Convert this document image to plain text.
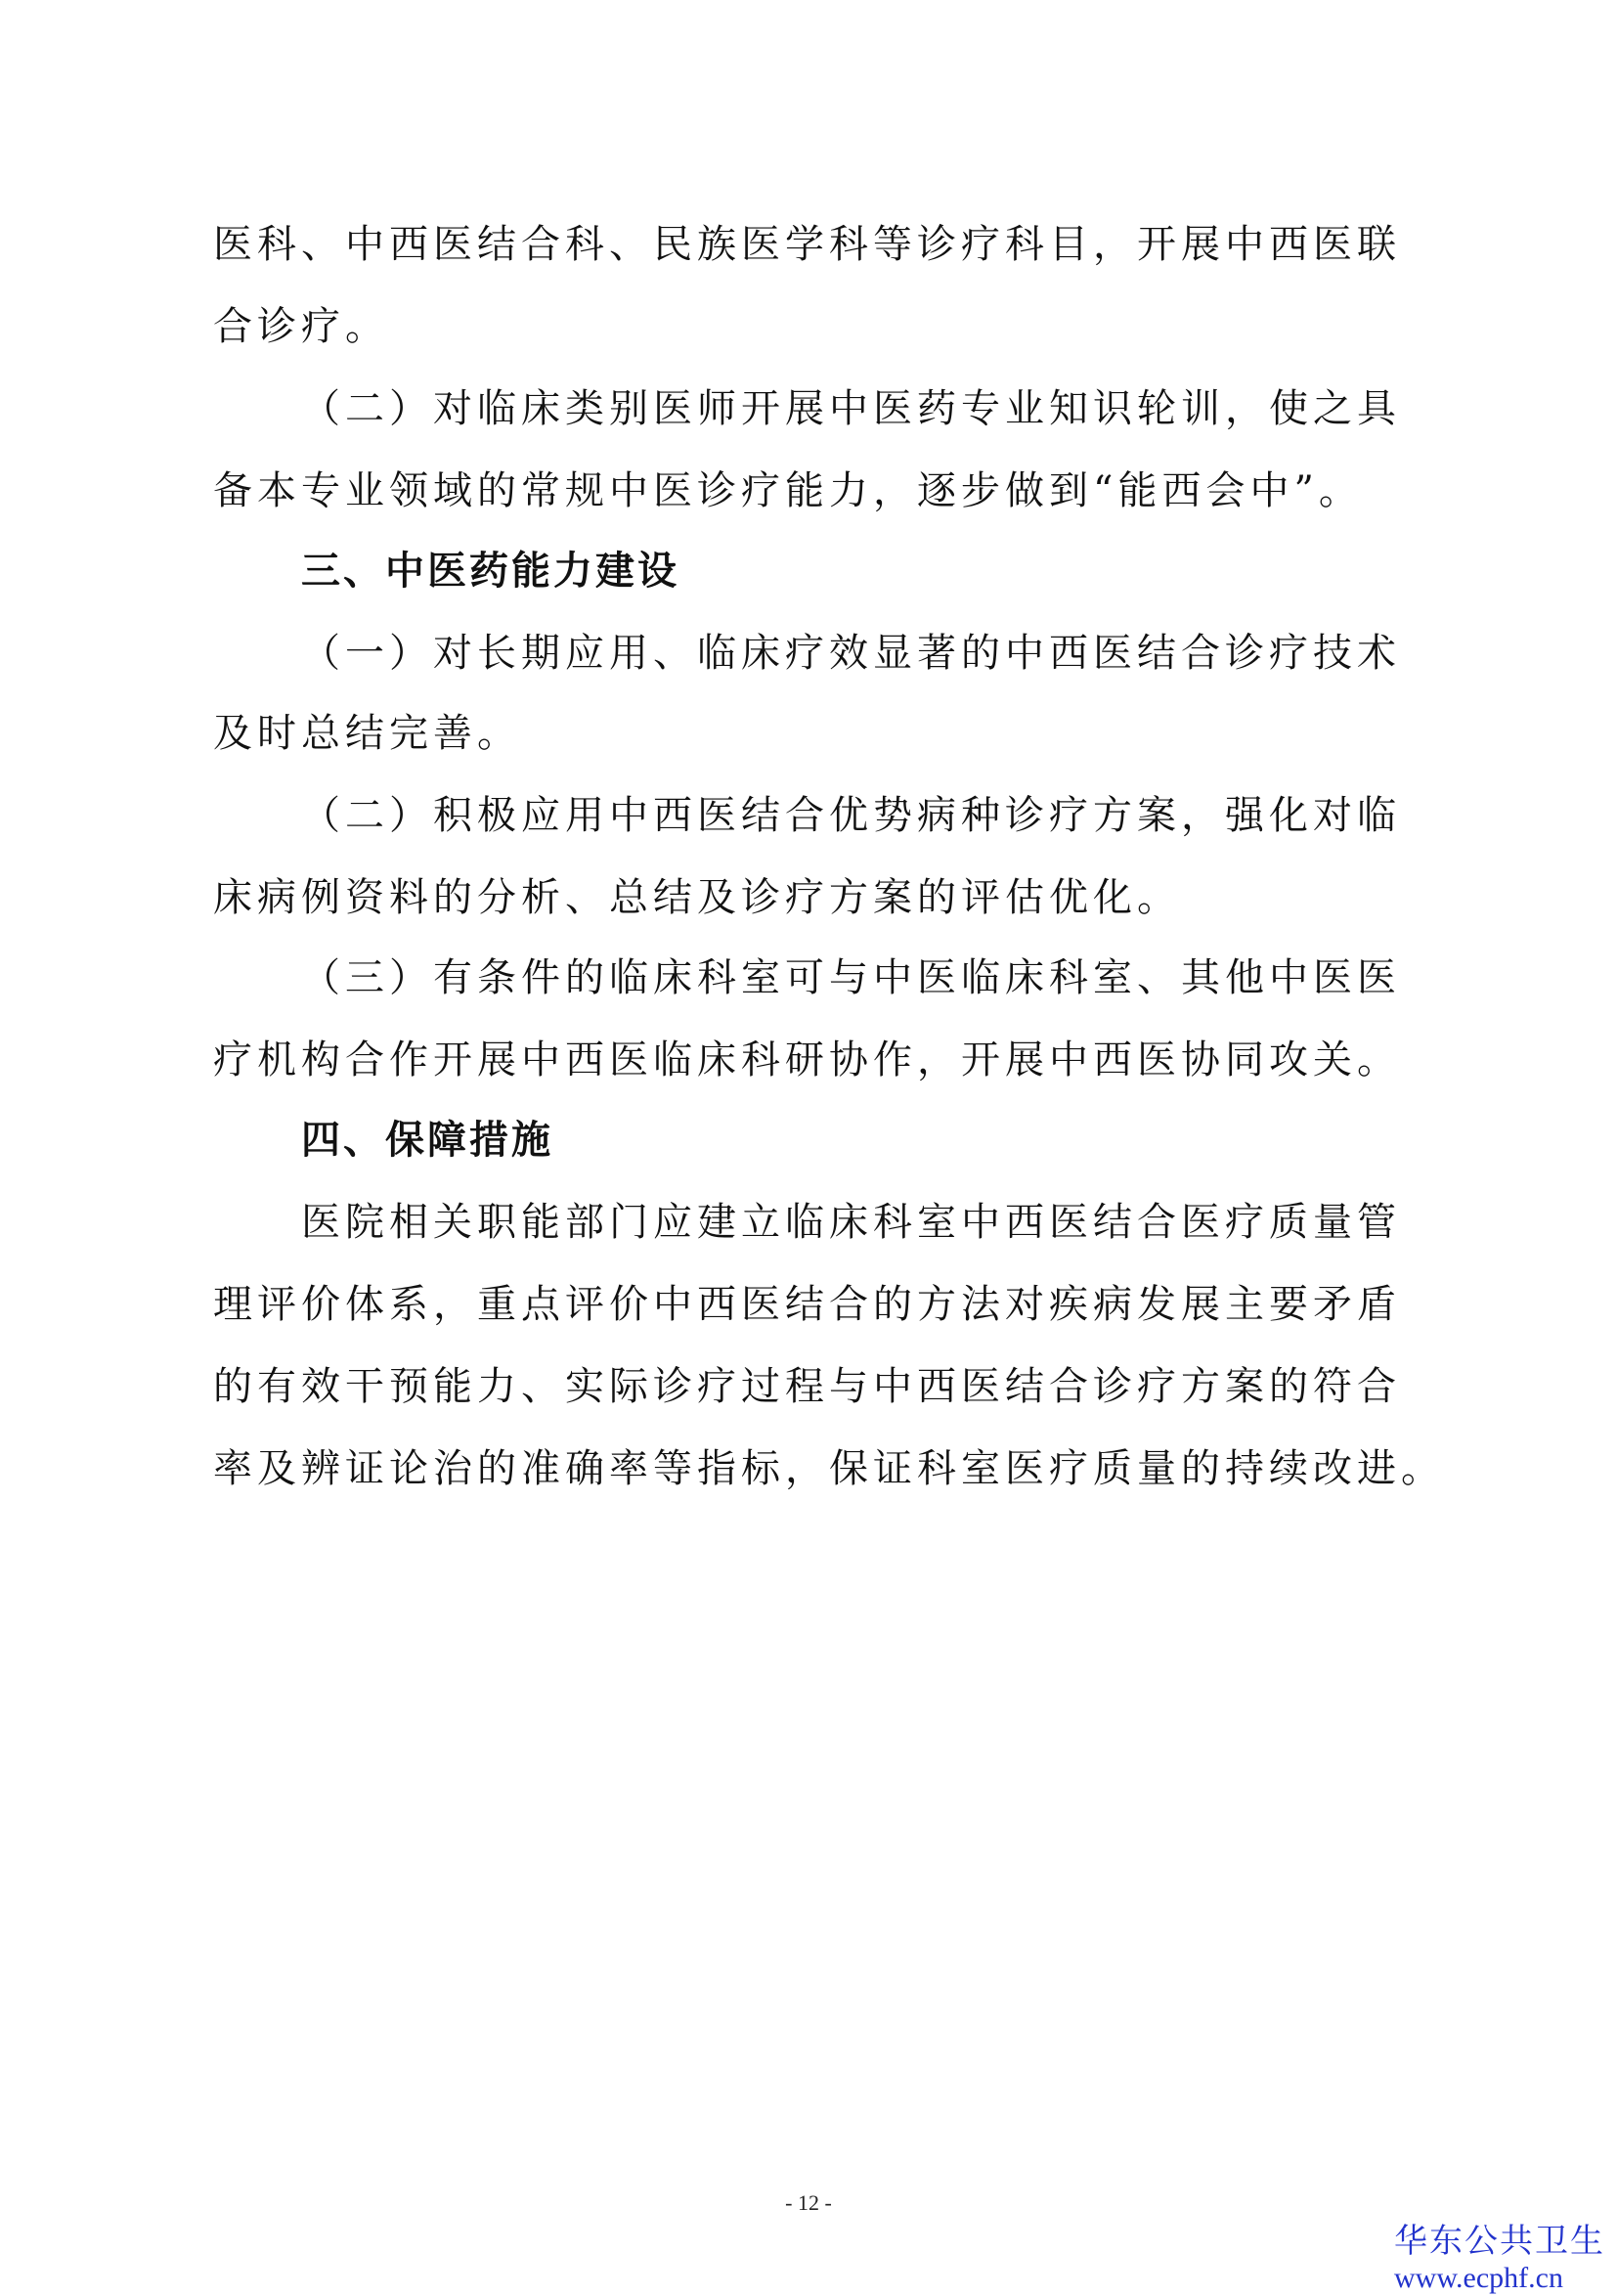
医科、中西医结合科、民族医学科等诊疗科目，开展中西医联
合诊疗。
（二）对临床类别医师开展中医药专业知识轮训，使之具
备本专业领域的常规中医诊疗能力，逐步做到“能西会中”。
三、中医药能力建设
（一）对长期应用、临床疗效显著的中西医结合诊疗技术
及时总结完善。
（二）积极应用中西医结合优势病种诊疗方案，强化对临
床病例资料的分析、总结及诊疗方案的评估优化。
（三）有条件的临床科室可与中医临床科室、其他中医医
疗机构合作开展中西医临床科研协作，开展中西医协同攻关。
四、保障措施
医院相关职能部门应建立临床科室中西医结合医疗质量管
理评价体系，重点评价中西医结合的方法对疾病发展主要矛盾
的有效干预能力、实际诊疗过程与中西医结合诊疗方案的符合
率及辨证论治的准确率等指标，保证科室医疗质量的持续改进。
- 12 -
华东公共卫生
www.ecphf.cn
